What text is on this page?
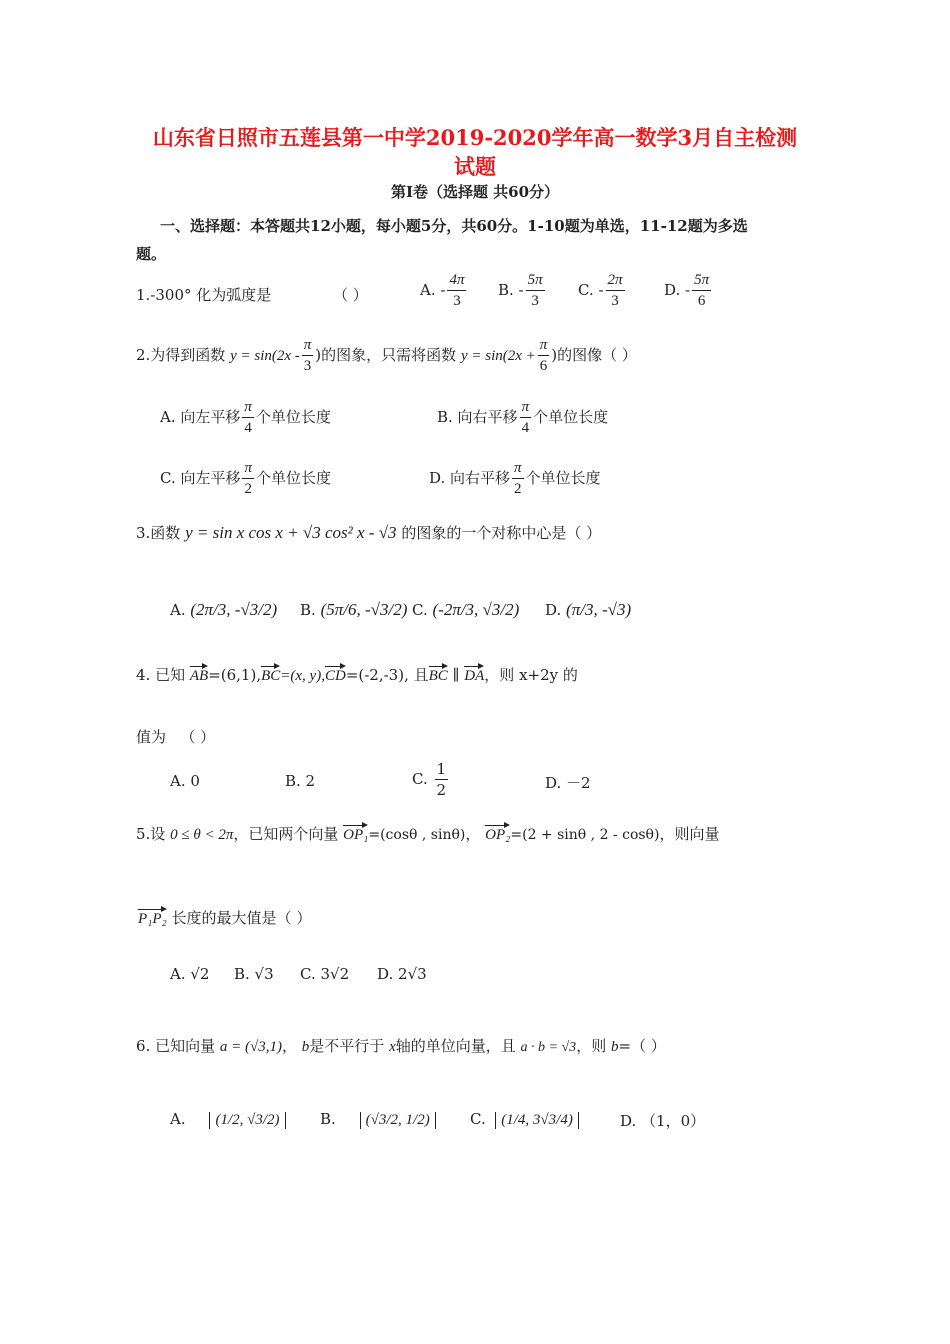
山东省日照市五莲县第一中学2019-2020学年高一数学3月自主检测
试题
第Ⅰ卷（选择题 共60分）
一、选择题：本答题共12小题，每小题5分，共60分。1-10题为单选，11-12题为多选
题。
1.-300° 化为弧度是	（ ）	A. - $\frac{4\pi}{3} B$. - $\frac{5\pi}{3} C$. - $\frac{2\pi}{3}$	D. - $\frac{5\pi}{6}$
2.为得到函数 $y = \sin(2x - \frac{\pi}{3}$ )的图象，只需将函数 $y = \sin(2x + \frac{\pi}{6}$ )的图像（ ）
A. 向左平移 $\frac{\pi}{4}$ 个单位长度	B. 向右平移 $\frac{\pi}{4}$ 个单位长度
C. 向左平移 $\frac{\pi}{2}$ 个单位长度	D. 向右平移 $\frac{\pi}{2}$ 个单位长度
3.函数 y = sin x cos x + √3 cos² x - √3 的图象的一个对称中心是（ ）
A. (2π/3, -√3/2) B. (5π/6, -√3/2) C. (-2π/3, √3/2) D. (π/3, -√3)
4. 已知 AB=(6,1),BC=(x, y),CD=(-2,-3), 且BC ∥ DA，则 x+2y 的
值为 （ ）
A. 0	B. 2	C. $\frac{1}{2}$	D. －2
5.设 0 ≤ θ < 2π，已知两个向量 OP₁=(cosθ , sinθ)， OP₂=(2 + sinθ , 2 - cosθ)，则向量
P₁P₂ 长度的最大值是（ ）
A. √2 B. √3 C. 3√2 D. 2√3
6. 已知向量 a = (√3,1)， b是不平行于 x轴的单位向量，且 a · b = √3，则 b=（ ）
A. (1/2, √3/2)	B. (√3/2, 1/2)	C. (1/4, 3√3/4)	D. （1，0）
